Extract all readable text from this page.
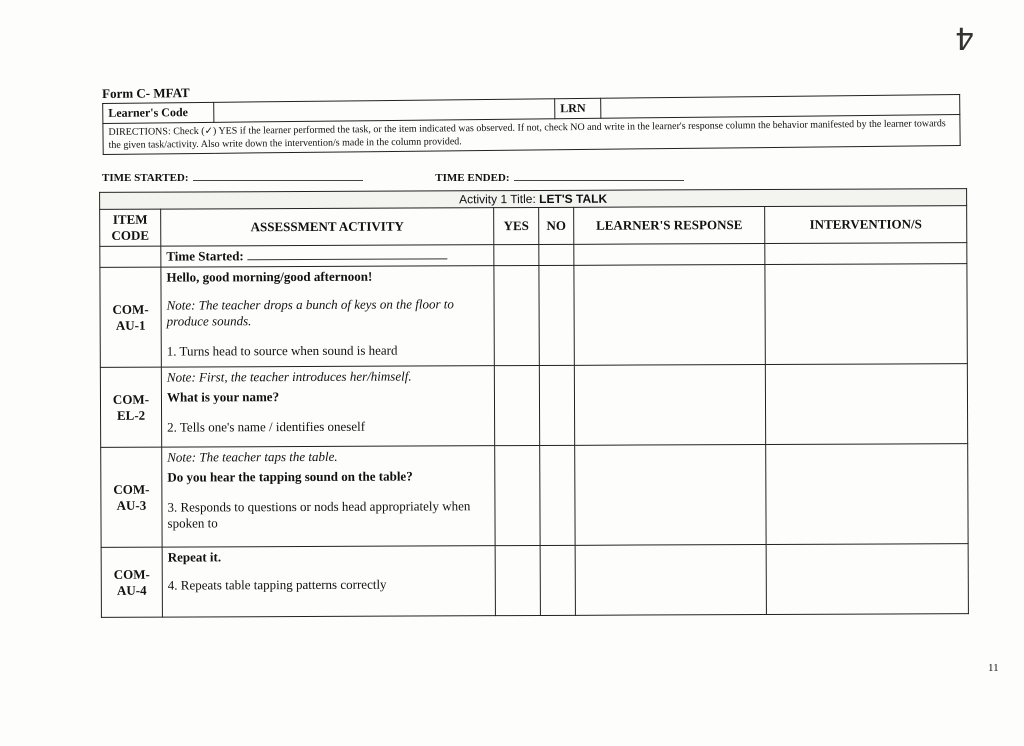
4
Form C- MFAT
Learner's Code		LRN	
DIRECTIONS: Check (✓) YES if the learner performed the task, or the item indicated was observed. If not, check NO and write in the learner's response column the behavior manifested by the learner towards the given task/activity. Also write down the intervention/s made in the column provided.
TIME STARTED:	TIME ENDED:
Activity 1 Title: LET'S TALK					
ITEM CODE	ASSESSMENT ACTIVITY	YES	NO	LEARNER'S RESPONSE	INTERVENTION/S
	Time Started:				
COM-AU-1	Hello, good morning/good afternoon!

Note: The teacher drops a bunch of keys on the floor to produce sounds.

1. Turns head to source when sound is heard				

COM-EL-2	Note: First, the teacher introduces her/himself.

What is your name?

2. Tells one's name / identifies oneself				

COM-AU-3	Note: The teacher taps the table.

Do you hear the tapping sound on the table?

3. Responds to questions or nods head appropriately when spoken to				

COM-AU-4	Repeat it.

4. Repeats table tapping patterns correctly				

11
